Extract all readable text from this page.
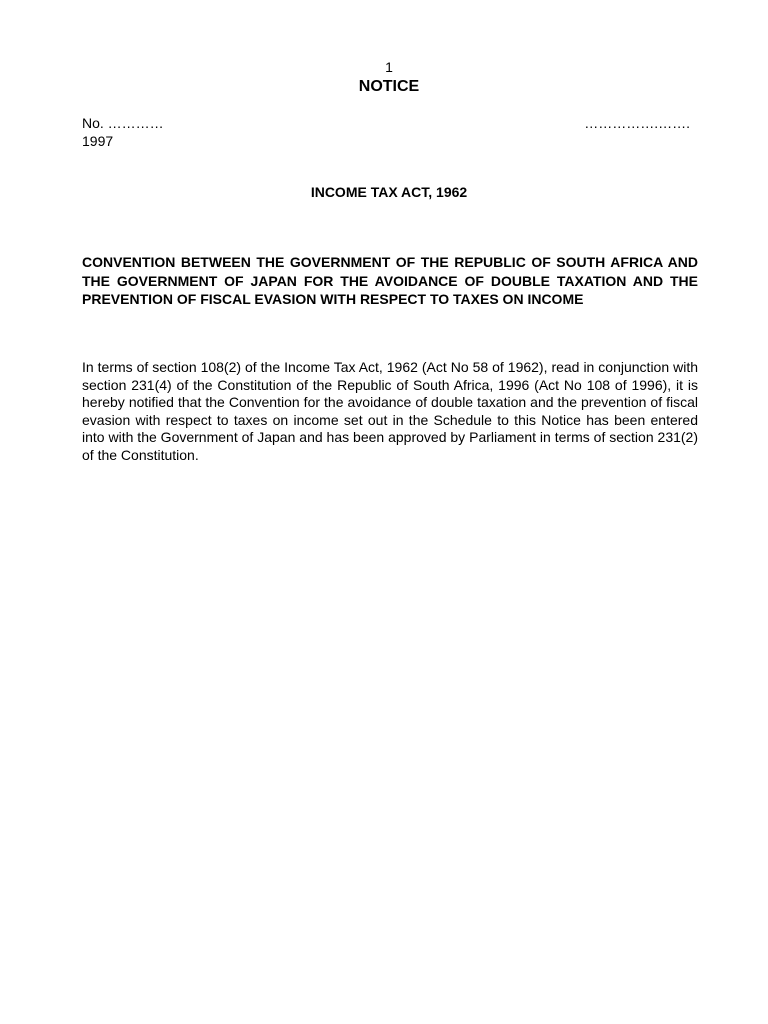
1
NOTICE
No. …………	…………….…….
1997
INCOME TAX ACT, 1962
CONVENTION BETWEEN THE GOVERNMENT OF THE REPUBLIC OF SOUTH AFRICA AND THE GOVERNMENT OF JAPAN FOR THE AVOIDANCE OF DOUBLE TAXATION AND THE PREVENTION OF FISCAL EVASION WITH RESPECT TO TAXES ON INCOME

In terms of section 108(2) of the Income Tax Act, 1962 (Act No 58 of 1962), read in conjunction with section 231(4) of the Constitution of the Republic of South Africa, 1996 (Act No 108 of 1996), it is hereby notified that the Convention for the avoidance of double taxation and the prevention of fiscal evasion with respect to taxes on income set out in the Schedule to this Notice has been entered into with the Government of Japan and has been approved by Parliament in terms of section 231(2) of the Constitution.
